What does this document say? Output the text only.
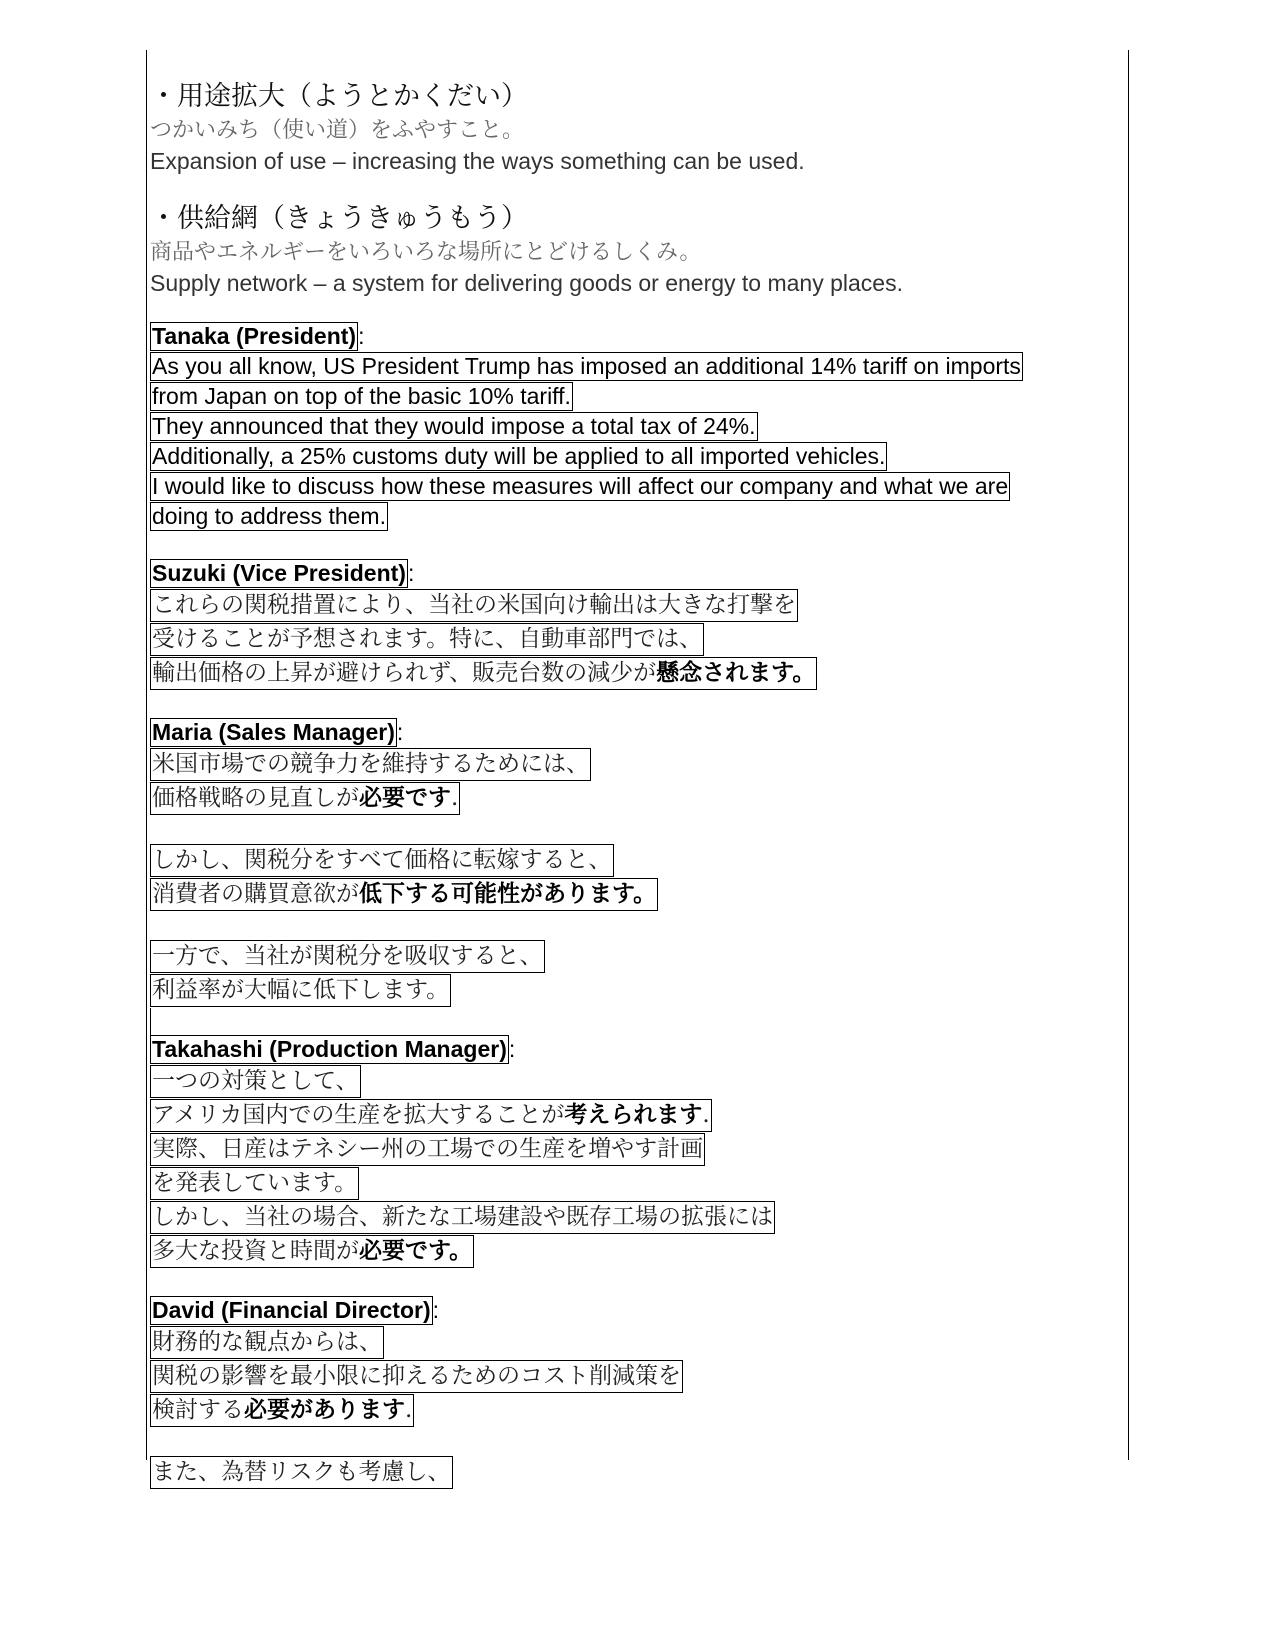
・用途拡大（ようとかくだい）
つかいみち（使い道）をふやすこと。
Expansion of use – increasing the ways something can be used.
・供給網（きょうきゅうもう）
商品やエネルギーをいろいろな場所にとどけるしくみ。
Supply network – a system for delivering goods or energy to many places.
Tanaka (President):
As you all know, US President Trump has imposed an additional 14% tariff on imports
from Japan on top of the basic 10% tariff.
They announced that they would impose a total tax of 24%.
Additionally, a 25% customs duty will be applied to all imported vehicles.
I would like to discuss how these measures will affect our company and what we are
doing to address them.
Suzuki (Vice President):
これらの関税措置により、当社の米国向け輸出は大きな打撃を
受けることが予想されます。特に、自動車部門では、
輸出価格の上昇が避けられず、販売台数の減少が懸念されます。
Maria (Sales Manager):
米国市場での競争力を維持するためには、
価格戦略の見直しが必要です.
しかし、関税分をすべて価格に転嫁すると、
消費者の購買意欲が低下する可能性があります。
一方で、当社が関税分を吸収すると、
利益率が大幅に低下します。
Takahashi (Production Manager):
一つの対策として、
アメリカ国内での生産を拡大することが考えられます.
実際、日産はテネシー州の工場での生産を増やす計画
を発表しています。
しかし、当社の場合、新たな工場建設や既存工場の拡張には
多大な投資と時間が必要です。
David (Financial Director):
財務的な観点からは、
関税の影響を最小限に抑えるためのコスト削減策を
検討する必要があります.
また、為替リスクも考慮し、
